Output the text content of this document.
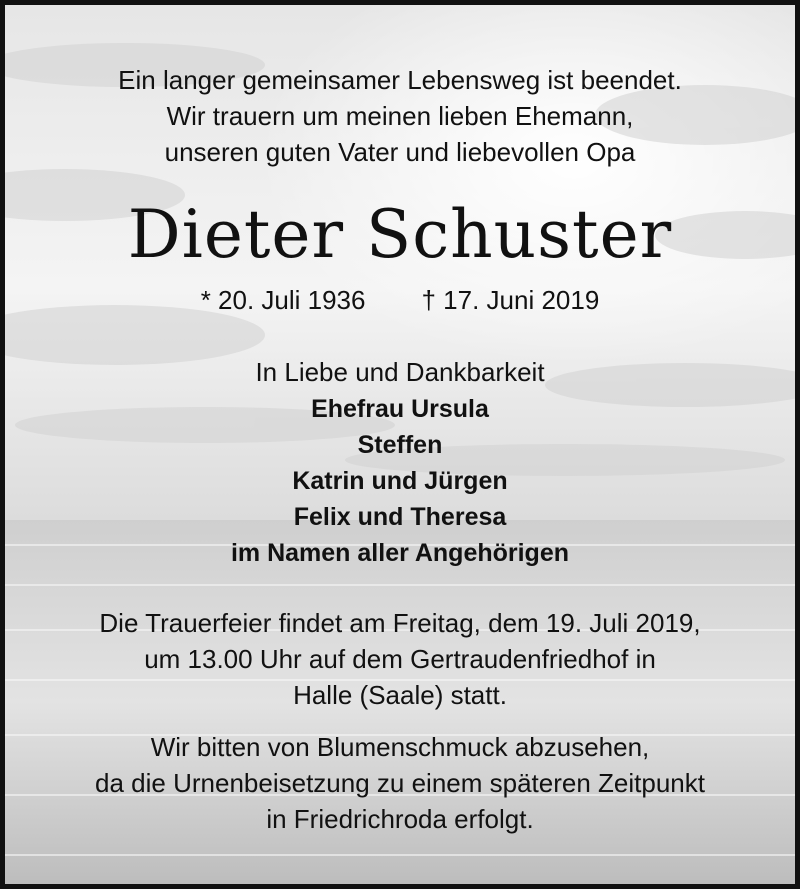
Ein langer gemeinsamer Lebensweg ist beendet.
Wir trauern um meinen lieben Ehemann,
unseren guten Vater und liebevollen Opa
Dieter Schuster
* 20. Juli 1936 † 17. Juni 2019
In Liebe und Dankbarkeit
Ehefrau Ursula
Steffen
Katrin und Jürgen
Felix und Theresa
im Namen aller Angehörigen
Die Trauerfeier findet am Freitag, dem 19. Juli 2019,
um 13.00 Uhr auf dem Gertraudenfriedhof in
Halle (Saale) statt.
Wir bitten von Blumenschmuck abzusehen,
da die Urnenbeisetzung zu einem späteren Zeitpunkt
in Friedrichroda erfolgt.
